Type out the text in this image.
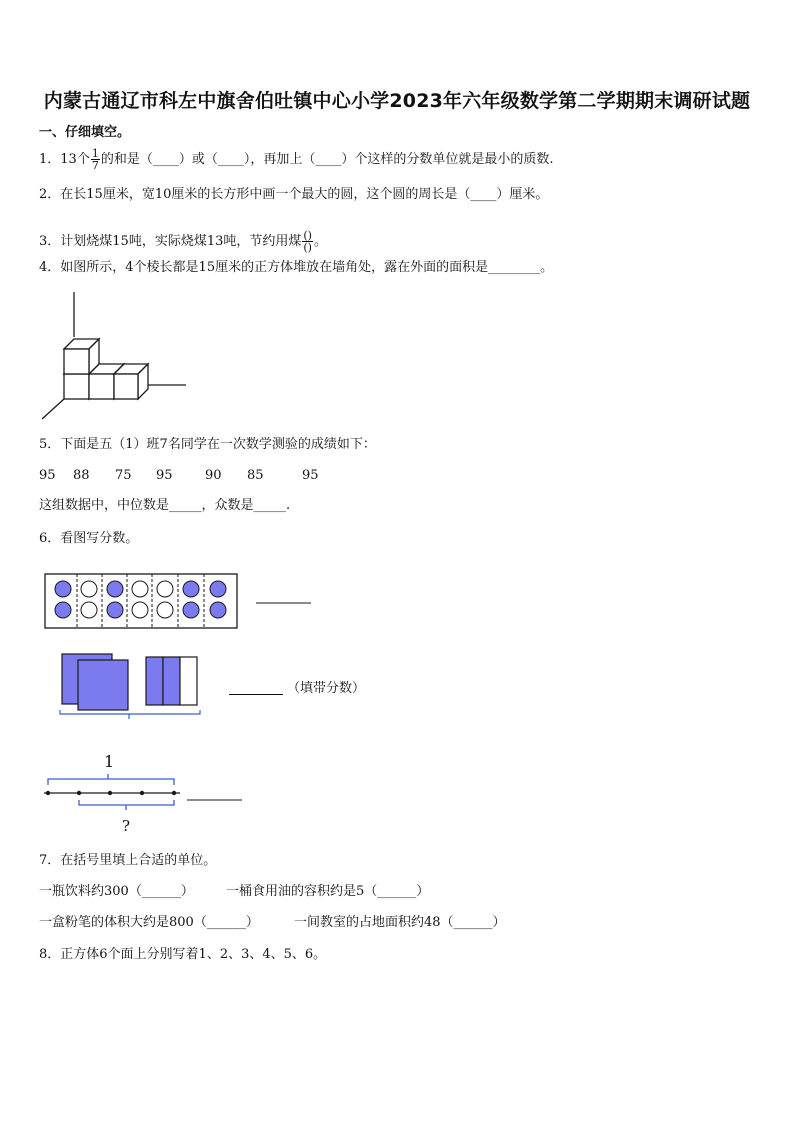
内蒙古通辽市科左中旗舍伯吐镇中心小学2023年六年级数学第二学期期末调研试题
一、仔细填空。
1．13个 $\frac{1}{7}$ 的和是（____）或（____），再加上（____）个这样的分数单位就是最小的质数.
2．在长15厘米，宽10厘米的长方形中画一个最大的圆，这个圆的周长是（____）厘米。
3．计划烧煤15吨，实际烧煤13吨，节约用煤 $\frac{()}{()}$ 。
4．如图所示，4个棱长都是15厘米的正方体堆放在墙角处，露在外面的面积是________。
5．下面是五（1）班7名同学在一次数学测验的成绩如下：
95 88 75 95 90 85	95
这组数据中，中位数是_____，众数是_____.
6．看图写分数。
（填带分数）
1
?
7．在括号里填上合适的单位。
一瓶饮料约300（______） 一桶食用油的容积约是5（______）
一盒粉笔的体积大约是800（______）	一间教室的占地面积约48（______）
8．正方体6个面上分别写着1、2、3、4、5、6。
